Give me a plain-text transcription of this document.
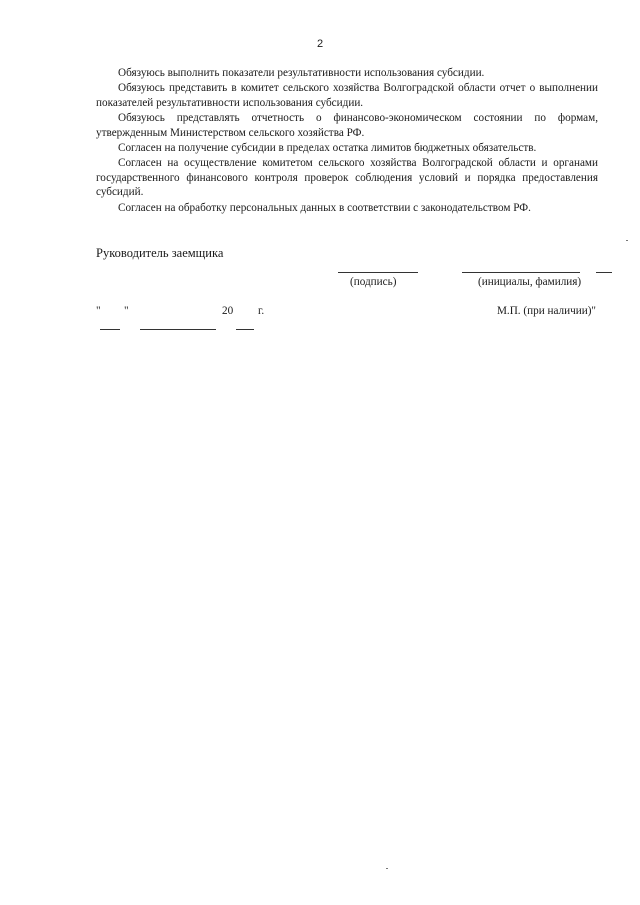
2

Обязуюсь выполнить показатели результативности использования субсидии.

Обязуюсь представить в комитет сельского хозяйства Волгоградской области отчет о выполнении показателей результативности использования субсидии.

Обязуюсь представлять отчетность о финансово-экономическом состоянии по формам, утвержденным Министерством сельского хозяйства РФ.

Согласен на получение субсидии в пределах остатка лимитов бюджетных обязательств.

Согласен на осуществление комитетом сельского хозяйства Волгоградской области и органами государственного финансового контроля проверок соблюдения условий и порядка предоставления субсидий.

Согласен на обработку персональных данных в соответствии с законодательством РФ.

Руководитель заемщика
(подпись)	(инициалы, фамилия)
" "	20 г.	М.П. (при наличии)"
